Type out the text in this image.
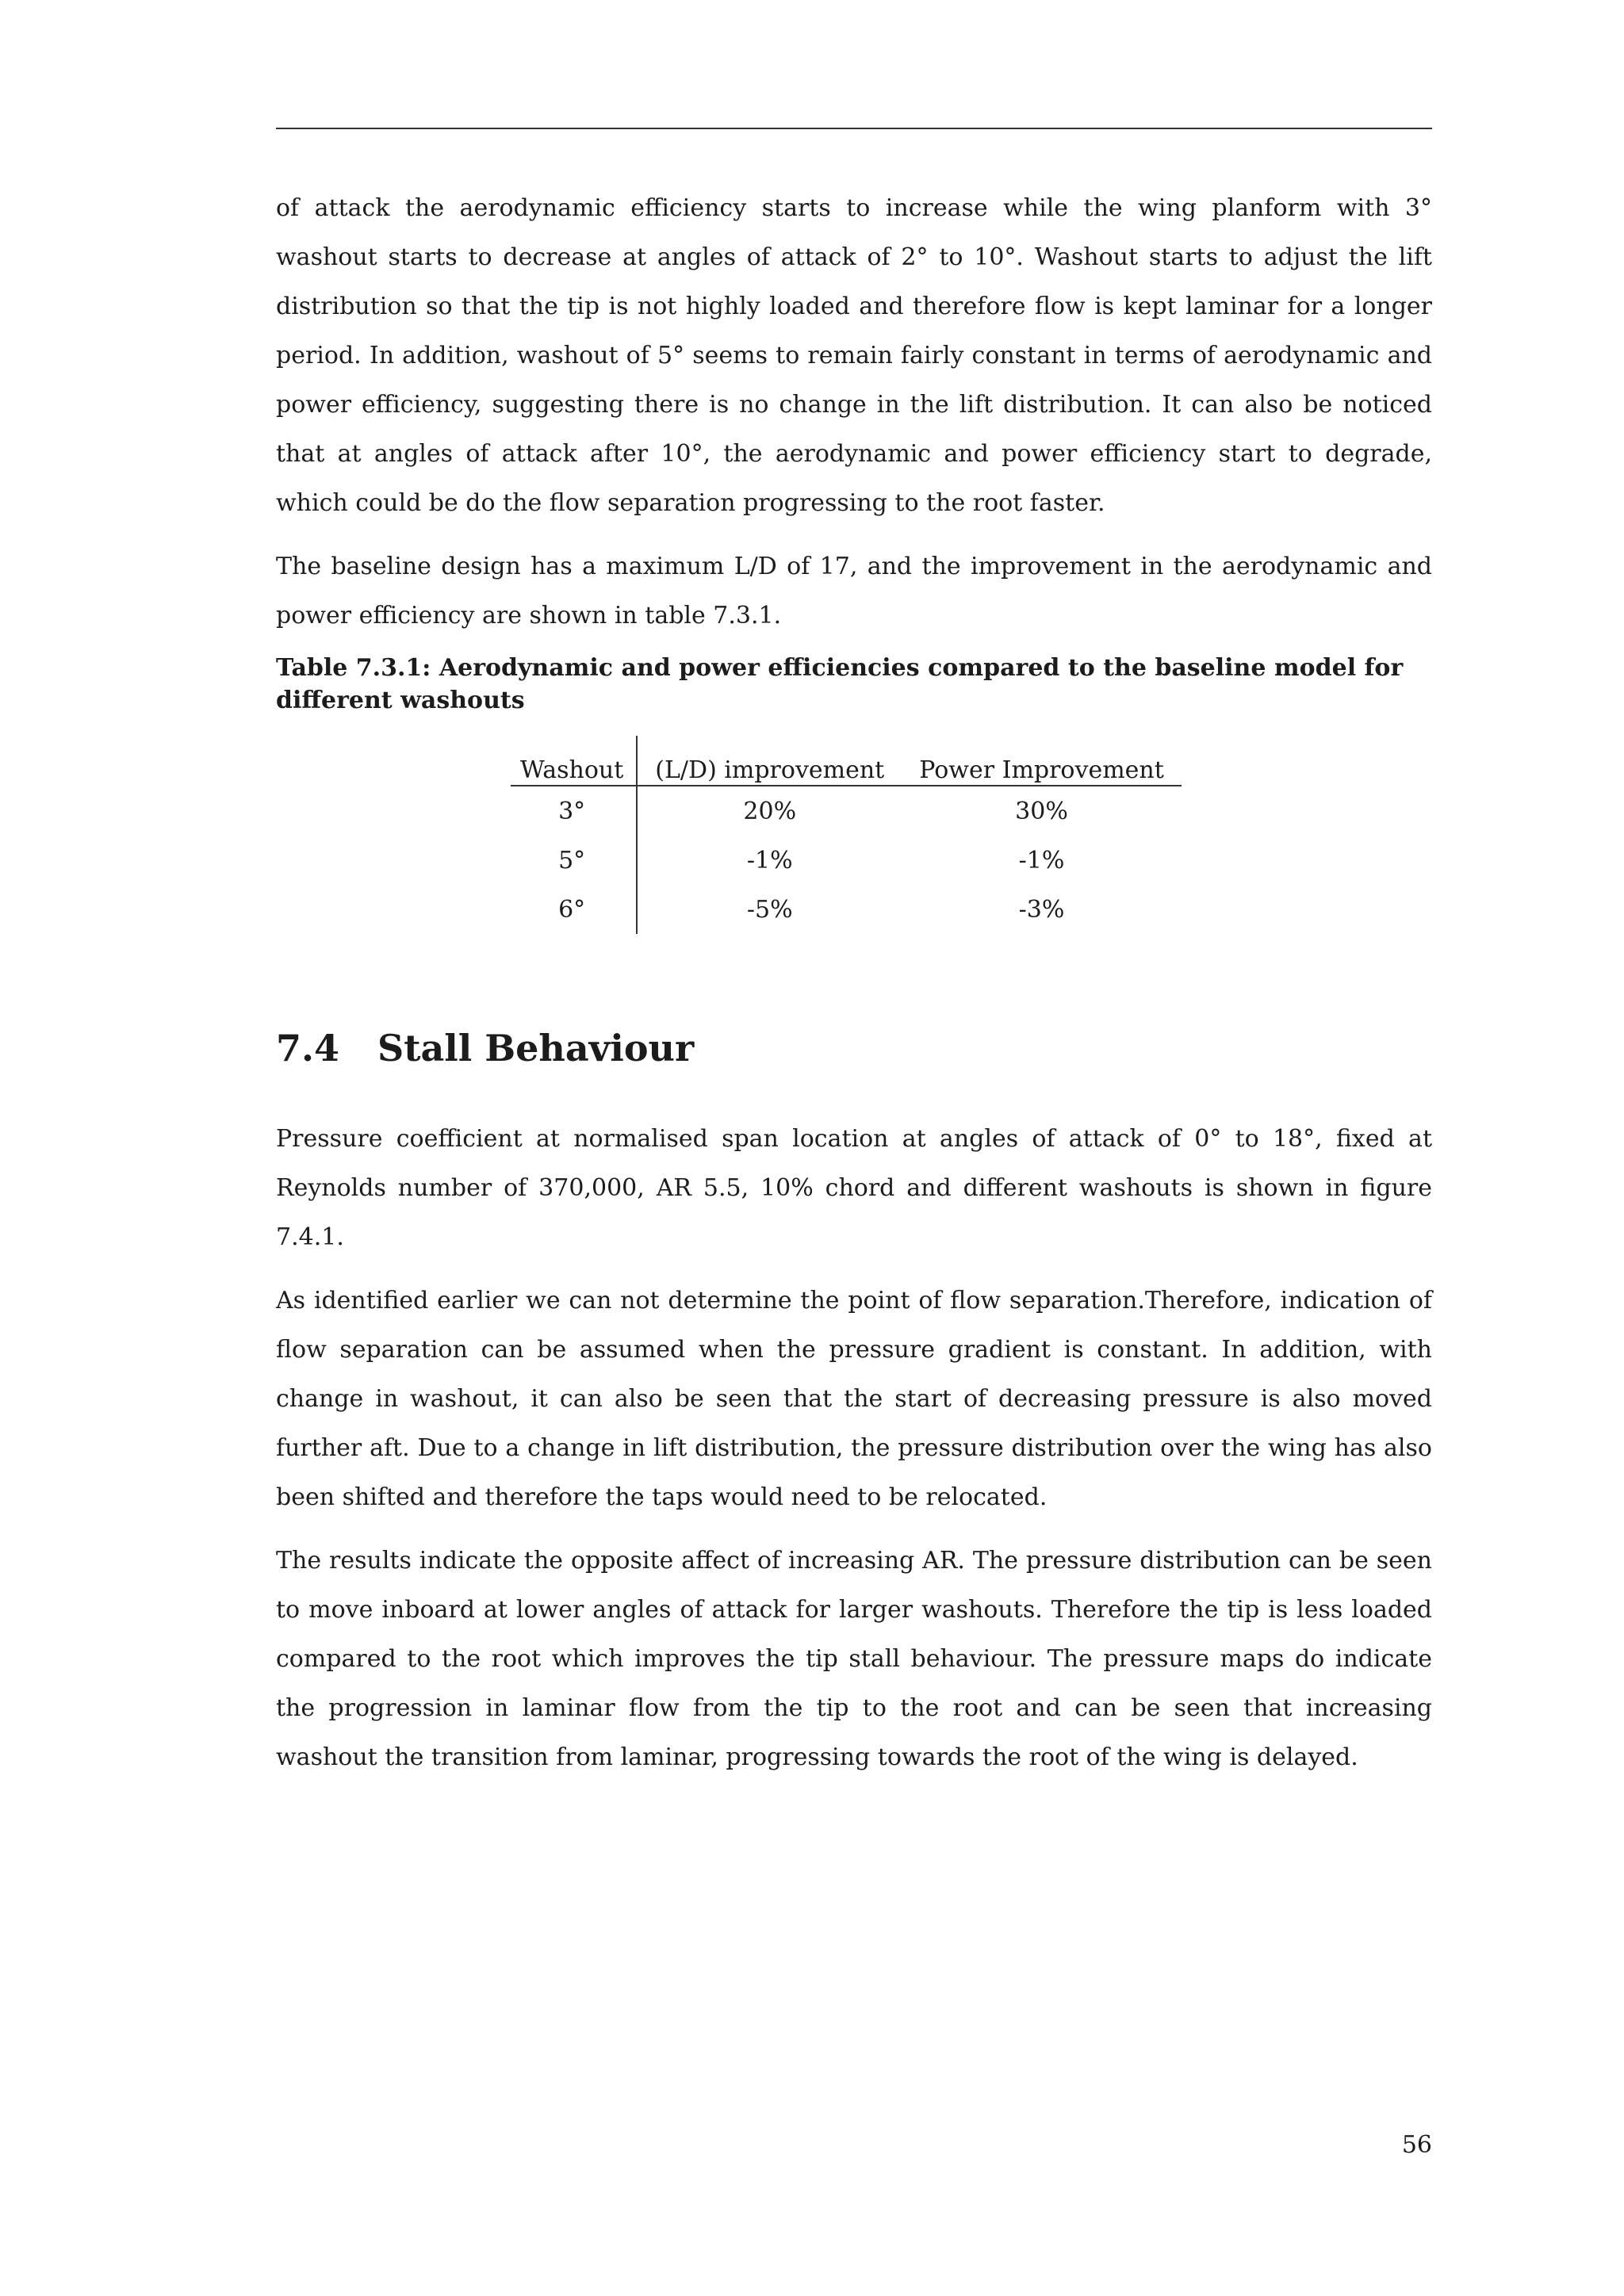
of attack the aerodynamic efficiency starts to increase while the wing planform with 3° washout starts to decrease at angles of attack of 2° to 10°. Washout starts to adjust the lift distribution so that the tip is not highly loaded and therefore flow is kept laminar for a longer period. In addition, washout of 5° seems to remain fairly constant in terms of aerodynamic and power efficiency, suggesting there is no change in the lift distribution. It can also be noticed that at angles of attack after 10°, the aerodynamic and power efficiency start to degrade, which could be do the flow separation progressing to the root faster.

The baseline design has a maximum L/D of 17, and the improvement in the aerodynamic and power efficiency are shown in table 7.3.1.

Table 7.3.1: Aerodynamic and power efficiencies compared to the baseline model for different washouts

Washout	(L/D) improvement	Power Improvement
3°	20%	30%
5°	-1%	-1%
6°	-5%	-3%
7.4 Stall Behaviour

Pressure coefficient at normalised span location at angles of attack of 0° to 18°, fixed at Reynolds number of 370,000, AR 5.5, 10% chord and different washouts is shown in figure 7.4.1.

As identified earlier we can not determine the point of flow separation.Therefore, indication of flow separation can be assumed when the pressure gradient is constant. In addition, with change in washout, it can also be seen that the start of decreasing pressure is also moved further aft. Due to a change in lift distribution, the pressure distribution over the wing has also been shifted and therefore the taps would need to be relocated.

The results indicate the opposite affect of increasing AR. The pressure distribution can be seen to move inboard at lower angles of attack for larger washouts. Therefore the tip is less loaded compared to the root which improves the tip stall behaviour. The pressure maps do indicate the progression in laminar flow from the tip to the root and can be seen that increasing washout the transition from laminar, progressing towards the root of the wing is delayed.

56
